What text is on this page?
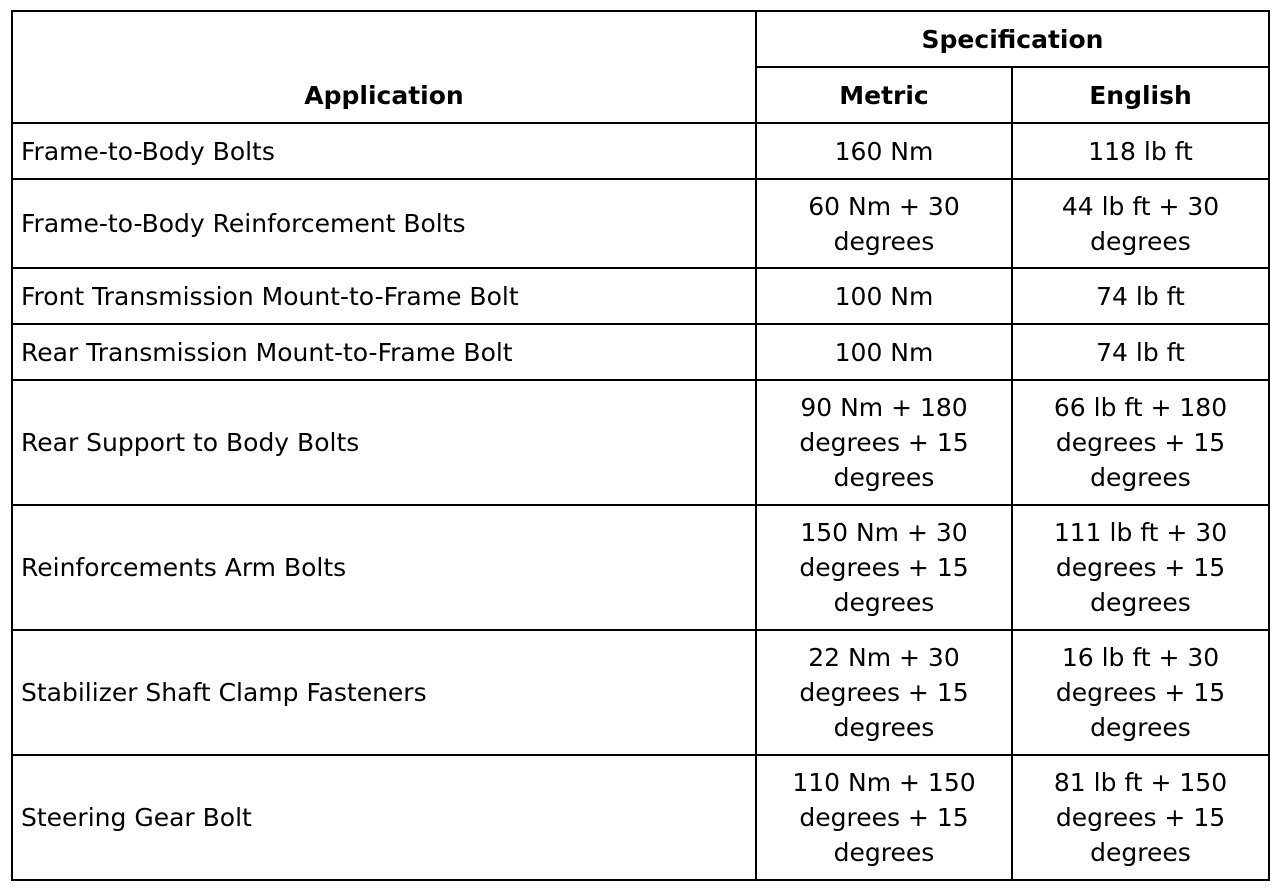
Application	Specification	
	Metric	English
Frame-to-Body Bolts	160 Nm	118 lb ft
Frame-to-Body Reinforcement Bolts	60 Nm + 30 degrees	44 lb ft + 30 degrees
Front Transmission Mount-to-Frame Bolt	100 Nm	74 lb ft
Rear Transmission Mount-to-Frame Bolt	100 Nm	74 lb ft
Rear Support to Body Bolts	90 Nm + 180 degrees + 15 degrees	66 lb ft + 180 degrees + 15 degrees
Reinforcements Arm Bolts	150 Nm + 30 degrees + 15 degrees	111 lb ft + 30 degrees + 15 degrees
Stabilizer Shaft Clamp Fasteners	22 Nm + 30 degrees + 15 degrees	16 lb ft + 30 degrees + 15 degrees
Steering Gear Bolt	110 Nm + 150 degrees + 15 degrees	81 lb ft + 150 degrees + 15 degrees
